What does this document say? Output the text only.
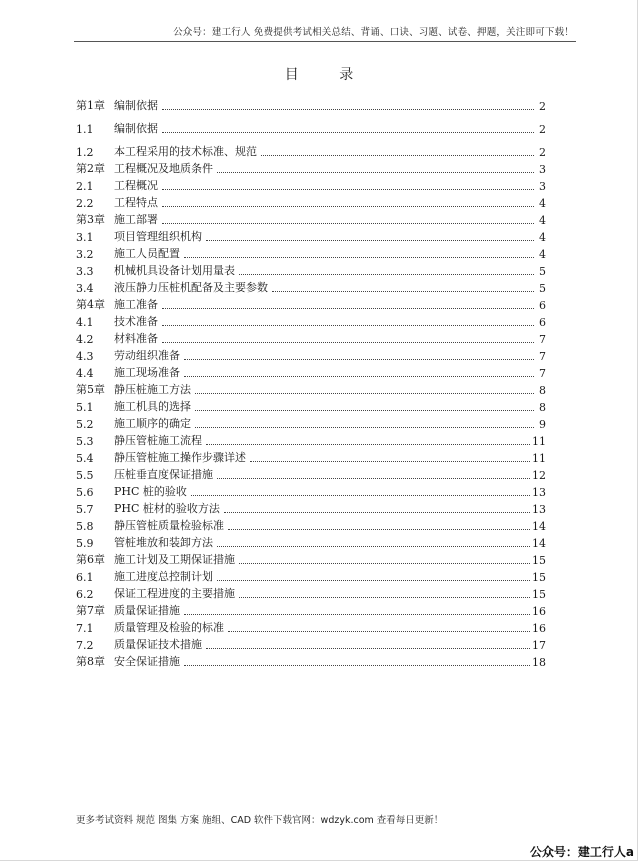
公众号：建工行人 免费提供考试相关总结、背诵、口诀、习题、试卷、押题，关注即可下载！
目 录
第1章 编制依据	2
1.1	编制依据	2
1.2	本工程采用的技术标准、规范	2
第2章 工程概况及地质条件	3
2.1	工程概况	3
2.2	工程特点	4
第3章 施工部署	4
3.1	项目管理组织机构	4
3.2	施工人员配置	4
3.3	机械机具设备计划用量表	5
3.4	液压静力压桩机配备及主要参数	5
第4章 施工准备	6
4.1	技术准备	6
4.2	材料准备	7
4.3	劳动组织准备	7
4.4	施工现场准备	7
第5章 静压桩施工方法	8
5.1	施工机具的选择	8
5.2	施工顺序的确定	9
5.3	静压管桩施工流程	11
5.4	静压管桩施工操作步骤详述	11
5.5	压桩垂直度保证措施	12
5.6	PHC 桩的验收	13
5.7	PHC 桩材的验收方法	13
5.8	静压管桩质量检验标准	14
5.9	管桩堆放和装卸方法	14
第6章 施工计划及工期保证措施	15
6.1	施工进度总控制计划	15
6.2	保证工程进度的主要措施	15
第7章 质量保证措施	16
7.1	质量管理及检验的标准	16
7.2	质量保证技术措施	17
第8章 安全保证措施	18
更多考试资料 规范 图集 方案 施组、CAD 软件下载官网：wdzyk.com 查看每日更新！
公众号：建工行人a
